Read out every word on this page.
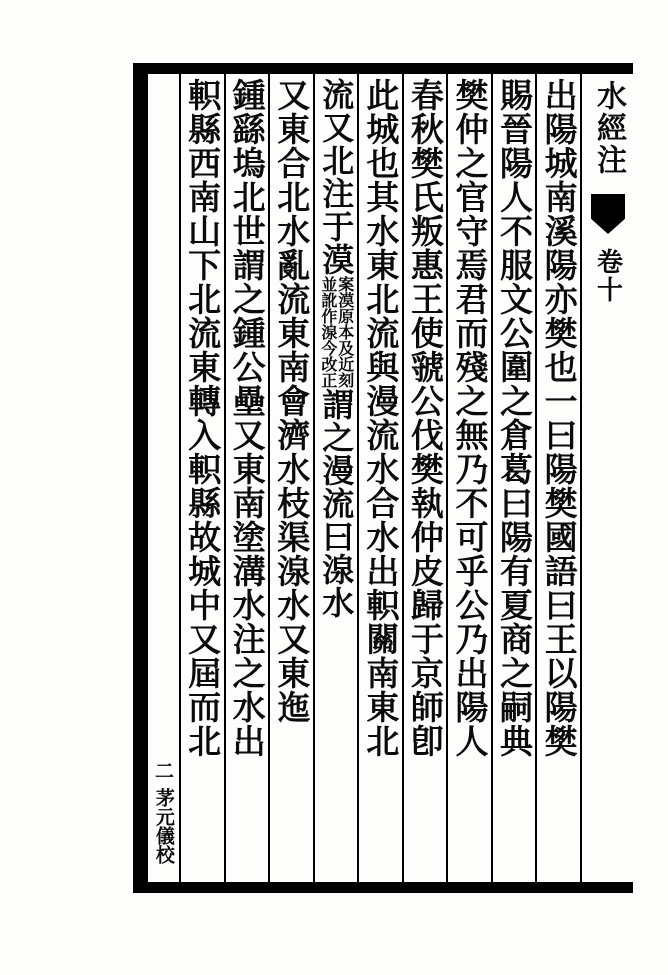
水經注
卷十
出陽城南溪陽亦樊也一曰陽樊國語曰王以陽樊
賜晉陽人不服文公圍之倉葛曰陽有夏商之嗣典
樊仲之官守焉君而殘之無乃不可乎公乃出陽人
春秋樊氏叛惠王使虢公伐樊執仲皮歸于京師卽
此城也其水東北流與漫流水合水出軹關南東北
流又北注于漠
案漠原本及近刻
並訛作湶今改正
謂之漫流曰湶水
又東合北水亂流東南會濟水枝渠湶水又東迤
鍾繇塢北世謂之鍾公壘又東南塗溝水注之水出
軹縣西南山下北流東轉入軹縣故城中又屆而北
二
茅元儀校
